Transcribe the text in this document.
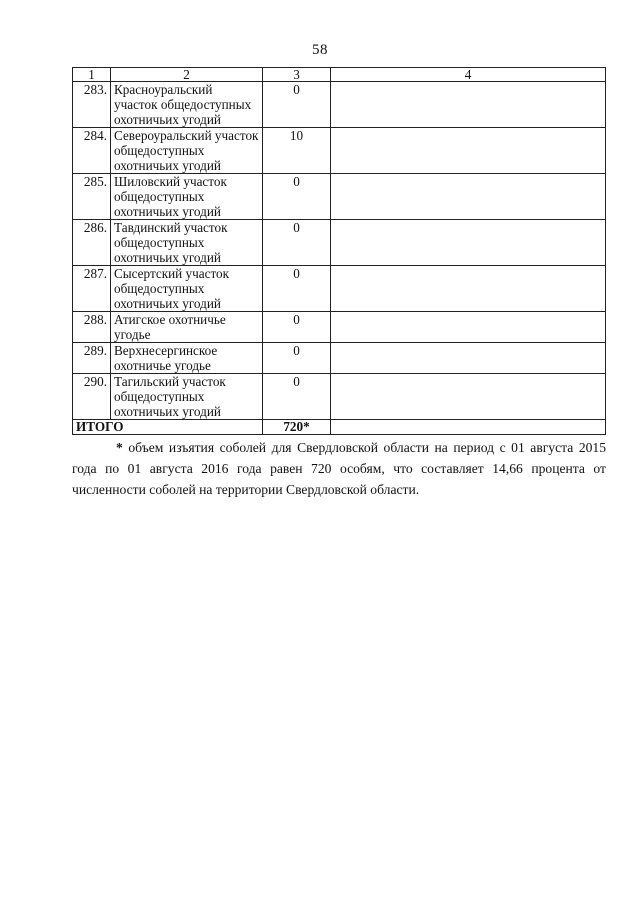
58
1	2	3	4
283.	Красноуральский участок общедоступных охотничьих угодий	0	
284.	Североуральский участок общедоступных охотничьих угодий	10	
285.	Шиловский участок общедоступных охотничьих угодий	0	
286.	Тавдинский участок общедоступных охотничьих угодий	0	
287.	Сысертский участок общедоступных охотничьих угодий	0	
288.	Атигское охотничье угодье	0	
289.	Верхнесергинское охотничье угодье	0	
290.	Тагильский участок общедоступных охотничьих угодий	0	
ИТОГО		720*	
* объем изъятия соболей для Свердловской области на период с 01 августа 2015 года по 01 августа 2016 года равен 720 особям, что составляет 14,66 процента от численности соболей на территории Свердловской области.
